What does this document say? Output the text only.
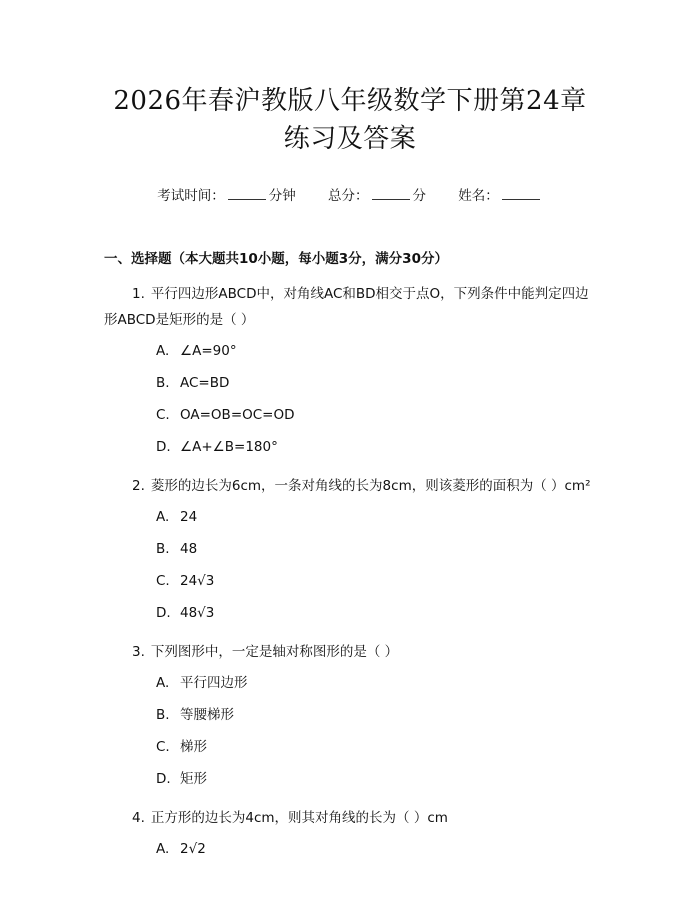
2026年春沪教版八年级数学下册第24章练习及答案
考试时间：	分钟 总分：	分 姓名：
一、选择题（本大题共10小题，每小题3分，满分30分）
1. 平行四边形ABCD中，对角线AC和BD相交于点O，下列条件中能判定四边形ABCD是矩形的是（ ）
A. ∠A=90°
B. AC=BD
C. OA=OB=OC=OD
D. ∠A+∠B=180°
2. 菱形的边长为6cm，一条对角线的长为8cm，则该菱形的面积为（ ）cm²
A. 24
B. 48
C. 24√3
D. 48√3
3. 下列图形中，一定是轴对称图形的是（ ）
A. 平行四边形
B. 等腰梯形
C. 梯形
D. 矩形
4. 正方形的边长为4cm，则其对角线的长为（ ）cm
A. 2√2
